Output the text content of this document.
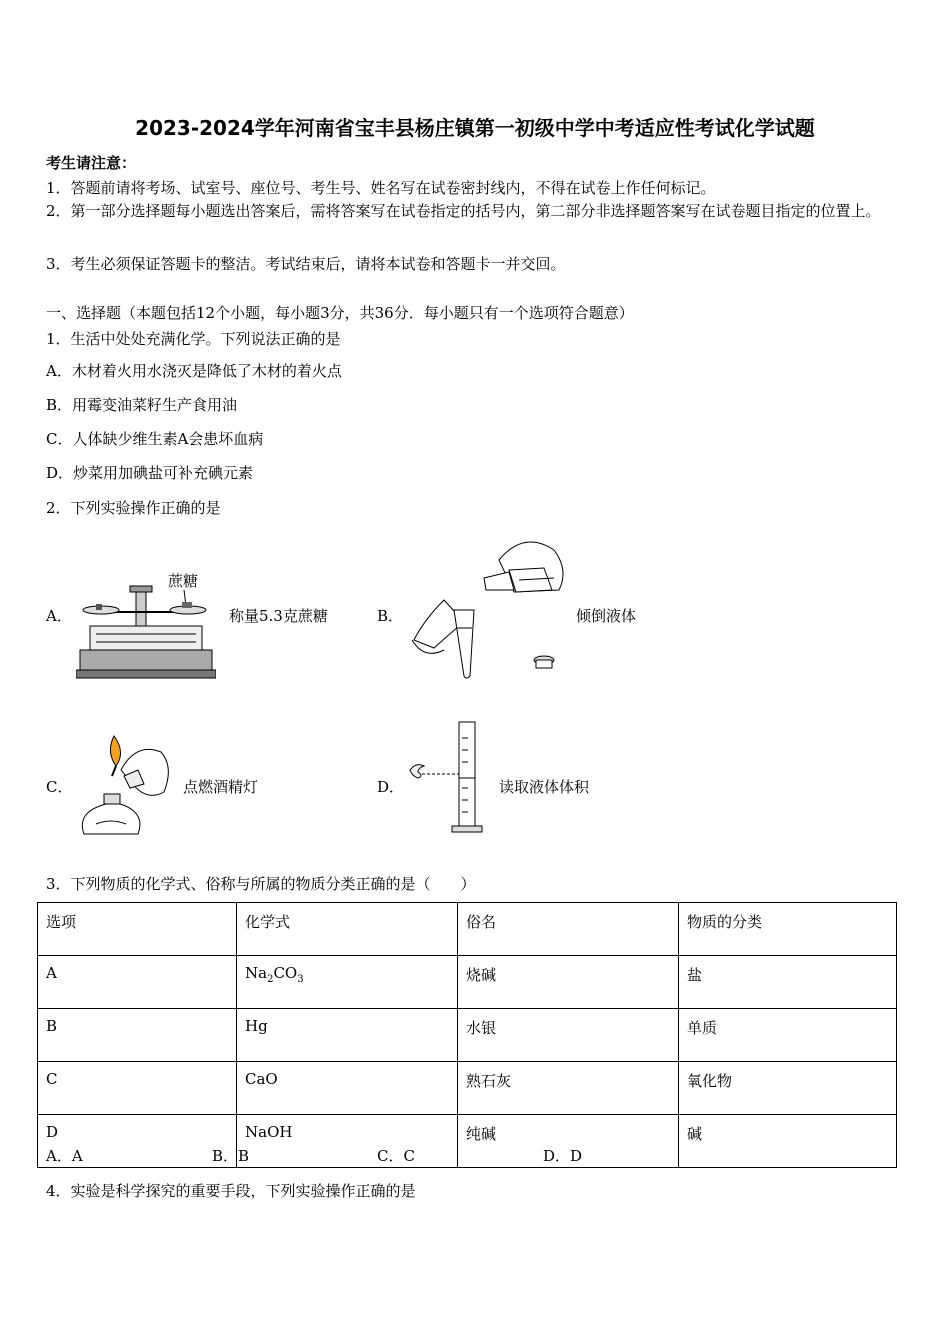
2023-2024学年河南省宝丰县杨庄镇第一初级中学中考适应性考试化学试题
考生请注意：
1．答题前请将考场、试室号、座位号、考生号、姓名写在试卷密封线内，不得在试卷上作任何标记。
2．第一部分选择题每小题选出答案后，需将答案写在试卷指定的括号内，第二部分非选择题答案写在试卷题目指定的位置上。
3．考生必须保证答题卡的整洁。考试结束后，请将本试卷和答题卡一并交回。
一、选择题（本题包括12个小题，每小题3分，共36分．每小题只有一个选项符合题意）
1．生活中处处充满化学。下列说法正确的是
A．木材着火用水浇灭是降低了木材的着火点
B．用霉变油菜籽生产食用油
C．人体缺少维生素A会患坏血病
D．炒菜用加碘盐可补充碘元素
2．下列实验操作正确的是
A．
蔗糖
称量5.3克蔗糖	B．	倾倒液体
C．	点燃酒精灯	D．	读取液体体积
3．下列物质的化学式、俗称与所属的物质分类正确的是（　　）
选项	化学式	俗名	物质的分类
A	$Na_2CO_3$	烧碱	盐
B	Hg	水银	单质
C	CaO	熟石灰	氧化物
D	NaOH	纯碱	碱
A．A	B．B	C．C	D．D
4．实验是科学探究的重要手段，下列实验操作正确的是
